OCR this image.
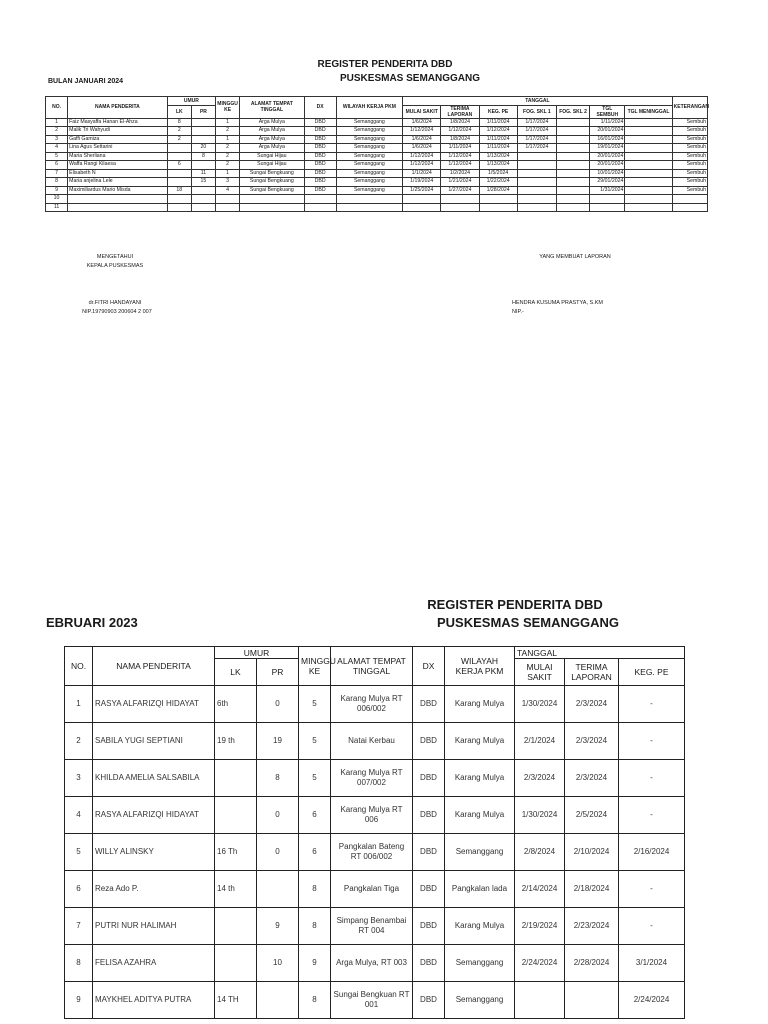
REGISTER PENDERITA DBD
PUSKESMAS SEMANGGANG
BULAN JANUARI 2024
NO.	NAMA PENDERITA	UMUR		MINGGU KE	ALAMAT TEMPAT TINGGAL	DX	WILAYAH KERJA PKM	TANGGAL							KETERANGAN
		LK	PR					MULAI SAKIT	TERIMA LAPORAN	KEG. PE	FOG. SKL 1	FOG. SKL 2	TGL SEMBUH	TGL MENINGGAL	
1	Faiz Masyaffa Hanan El-Ahza	8		1	Arga Mulya	DBD	Semanggang	1/6/2024	1/8/2024	1/11/2024	1/17/2024		1/11/2024		Sembuh
2	Malik Tri Wahyudi	2		2	Arga Mulya	DBD	Semanggang	1/12/2024	1/12/2024	1/12/2024	1/17/2024		20/01/2024		Sembuh
3	Gaffi Gamiza	2		1	Arga Mulya	DBD	Semanggang	1/6/2024	1/8/2024	1/11/2024	1/17/2024		16/01/2024		Sembuh
4	Lina Agus Settarini		20	2	Arga Mulya	DBD	Semanggang	1/6/2024	1/11/2024	1/11/2024	1/17/2024		19/01/2024		Sembuh
5	Maria Sherliana		8	2	Sungai Hijau	DBD	Semanggang	1/12/2024	1/12/2024	1/13/2024			20/01/2024		Sembuh
6	Waffa Rangi Kilaesa	6		2	Sungai Hijau	DBD	Semanggang	1/12/2024	1/12/2024	1/13/2024			20/01/2024		Sembuh
7	Elisabeth N		11	1	Sungai Bengkuang	DBD	Semanggang	1/1/2024	1/2/2024	1/5/2024			10/01/2024		Sembuh
8	Maria anjelina Lele		15	3	Sungai Bengkuang	DBD	Semanggang	1/19/2024	1/21/2024	1/22/2024			29/01/2024		Sembuh
9	Maximiliardus Mario Misda	18		4	Sungai Bengkuang	DBD	Semanggang	1/25/2024	1/27/2024	1/28/2024			1/31/2024		Sembuh
10															
11															
MENGETAHUI
KEPALA PUSKESMAS
dr.FITRI HANDAYANI
NIP.19790903 200604 2 007
YANG MEMBUAT LAPORAN
HENDRA KUSUMA PRASTYA, S.KM
NIP.-
REGISTER PENDERITA DBD
PUSKESMAS SEMANGGANG
EBRUARI 2023
NO.	NAMA PENDERITA	UMUR		MINGGU KE	ALAMAT TEMPAT TINGGAL	DX	WILAYAH KERJA PKM	TANGGAL		
		LK	PR					MULAI SAKIT	TERIMA LAPORAN	KEG. PE
1	RASYA ALFARIZQI HIDAYAT	6th	0	5	Karang Mulya RT 006/002	DBD	Karang Mulya	1/30/2024	2/3/2024	-
2	SABILA YUGI SEPTIANI	19 th	19	5	Natai Kerbau	DBD	Karang Mulya	2/1/2024	2/3/2024	-
3	KHILDA AMELIA SALSABILA		8	5	Karang Mulya RT 007/002	DBD	Karang Mulya	2/3/2024	2/3/2024	-
4	RASYA ALFARIZQI HIDAYAT		0	6	Karang Mulya RT 006	DBD	Karang Mulya	1/30/2024	2/5/2024	-
5	WILLY ALINSKY	16 Th	0	6	Pangkalan Bateng RT 006/002	DBD	Semanggang	2/8/2024	2/10/2024	2/16/2024
6	Reza Ado P.	14 th		8	Pangkalan Tiga	DBD	Pangkalan lada	2/14/2024	2/18/2024	-
7	PUTRI NUR HALIMAH		9	8	Simpang Benambai RT 004	DBD	Karang Mulya	2/19/2024	2/23/2024	-
8	FELISA AZAHRA		10	9	Arga Mulya, RT 003	DBD	Semanggang	2/24/2024	2/28/2024	3/1/2024
9	MAYKHEL ADITYA PUTRA	14 TH		8	Sungai Bengkuan RT 001	DBD	Semanggang			2/24/2024
